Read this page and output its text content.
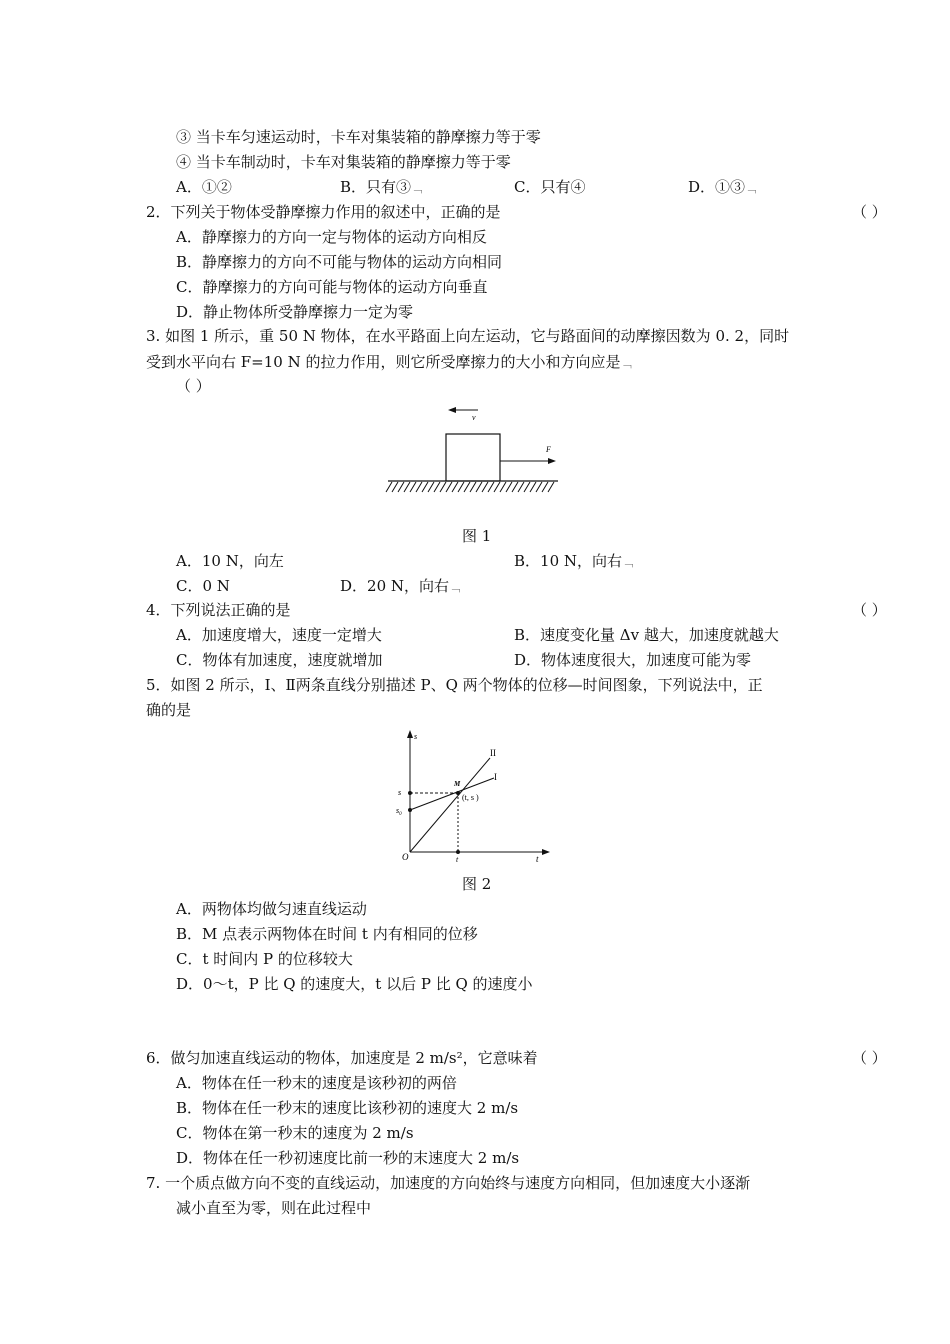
③ 当卡车匀速运动时，卡车对集装箱的静摩擦力等于零
④ 当卡车制动时，卡车对集装箱的静摩擦力等于零
A．①②	B．只有③﹁	C．只有④	D．①③﹁
2．下列关于物体受静摩擦力作用的叙述中，正确的是	（ ）
A．静摩擦力的方向一定与物体的运动方向相反
B．静摩擦力的方向不可能与物体的运动方向相同
C．静摩擦力的方向可能与物体的运动方向垂直
D．静止物体所受静摩擦力一定为零
3. 如图 1 所示，重 50 N 物体，在水平路面上向左运动，它与路面间的动摩擦因数为 0. 2，同时
受到水平向右 F=10 N 的拉力作用，则它所受摩擦力的大小和方向应是﹁
（ ）
v
F
图 1
A．10 N，向左	B．10 N，向右﹁
C．0 N	D．20 N，向右﹁
4．下列说法正确的是	（ ）
A．加速度增大，速度一定增大	B．速度变化量 Δv 越大，加速度就越大
C．物体有加速度，速度就增加	D．物体速度很大，加速度可能为零
5．如图 2 所示，Ⅰ、Ⅱ两条直线分别描述 P、Q 两个物体的位移—时间图象，下列说法中，正
确的是
s
t
O
s
$s_0$
t
M
(t, s )
I
II
图 2
A．两物体均做匀速直线运动
B．M 点表示两物体在时间 t 内有相同的位移
C．t 时间内 P 的位移较大
D．0～t，P 比 Q 的速度大，t 以后 P 比 Q 的速度小
6．做匀加速直线运动的物体，加速度是 2 m/s²，它意味着	（ ）
A．物体在任一秒末的速度是该秒初的两倍
B．物体在任一秒末的速度比该秒初的速度大 2 m/s
C．物体在第一秒末的速度为 2 m/s
D．物体在任一秒初速度比前一秒的末速度大 2 m/s
7. 一个质点做方向不变的直线运动，加速度的方向始终与速度方向相同，但加速度大小逐渐
减小直至为零，则在此过程中
